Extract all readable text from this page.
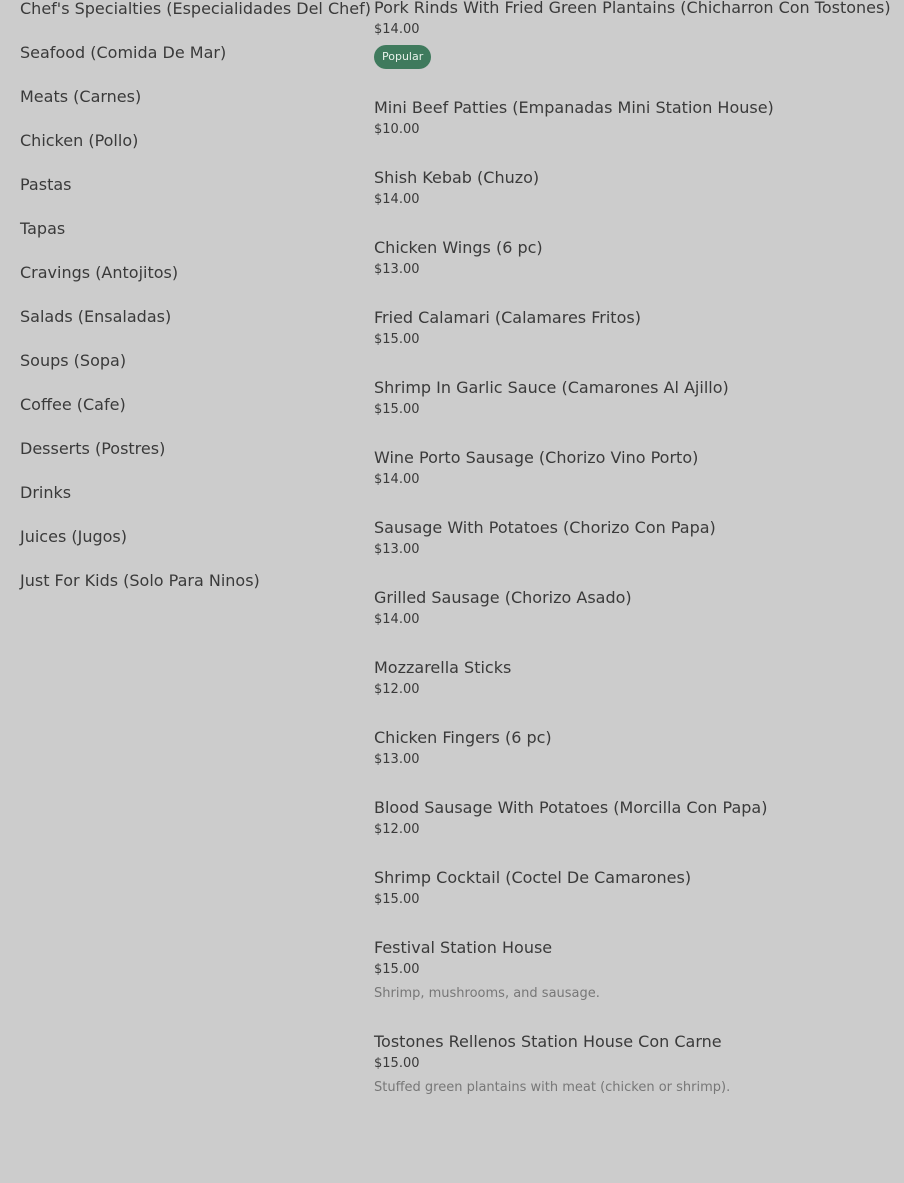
Chef's Specialties (Especialidades Del Chef)
Seafood (Comida De Mar)
Meats (Carnes)
Chicken (Pollo)
Pastas
Tapas
Cravings (Antojitos)
Salads (Ensaladas)
Soups (Sopa)
Coffee (Cafe)
Desserts (Postres)
Drinks
Juices (Jugos)
Just For Kids (Solo Para Ninos)
Pork Rinds With Fried Green Plantains (Chicharron Con Tostones)
$14.00
Popular
Mini Beef Patties (Empanadas Mini Station House)
$10.00
Shish Kebab (Chuzo)
$14.00
Chicken Wings (6 pc)
$13.00
Fried Calamari (Calamares Fritos)
$15.00
Shrimp In Garlic Sauce (Camarones Al Ajillo)
$15.00
Wine Porto Sausage (Chorizo Vino Porto)
$14.00
Sausage With Potatoes (Chorizo Con Papa)
$13.00
Grilled Sausage (Chorizo Asado)
$14.00
Mozzarella Sticks
$12.00
Chicken Fingers (6 pc)
$13.00
Blood Sausage With Potatoes (Morcilla Con Papa)
$12.00
Shrimp Cocktail (Coctel De Camarones)
$15.00
Festival Station House
$15.00
Shrimp, mushrooms, and sausage.
Tostones Rellenos Station House Con Carne
$15.00
Stuffed green plantains with meat (chicken or shrimp).
